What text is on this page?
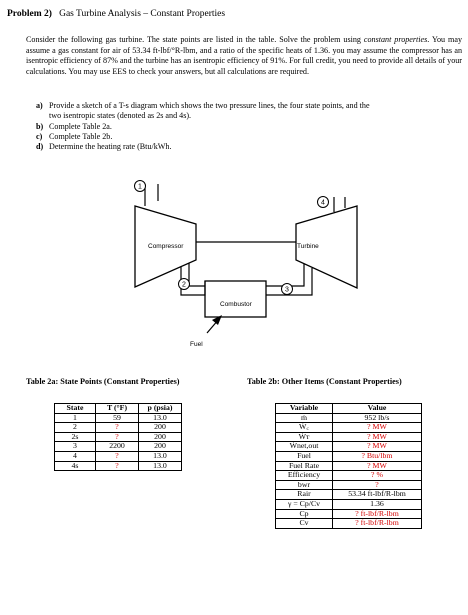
Problem 2) Gas Turbine Analysis – Constant Properties
Consider the following gas turbine. The state points are listed in the table. Solve the problem using constant properties. You may assume a gas constant for air of 53.34 ft-lbf/°R-lbm, and a ratio of the specific heats of 1.36. you may assume the compressor has an isentropic efficiency of 87% and the turbine has an isentropic efficiency of 91%. For full credit, you need to provide all details of your calculations. You may use EES to check your answers, but all calculations are required.
a) Provide a sketch of a T-s diagram which shows the two pressure lines, the four state points, and the
two isentropic states (denoted as 2s and 4s).
b) Complete Table 2a.
c) Complete Table 2b.
d) Determine the heating rate (Btu/kWh.
1
2
3
4
Compressor	Turbine
Combustor
Fuel
Table 2a: State Points (Constant Properties)	Table 2b: Other Items (Constant Properties)
State	T (°F)	p (psia)
1	59	13.0
2	?	200
2s	?	200
3	2200	200
4	?	13.0
4s	?	13.0
Variable	Value
ṁ	952 lb/s
Ẇ꜀	? MW
Ẇᴛ	? MW
Ẇnet,out	? MW
Fuel	? Btu/lbm
Fuel Rate	? MW
Efficiency	? %
bwr	?
Rair	53.34 ft-lbf/R-lbm
γ = Cp/Cv	1.36
Cp	? ft-lbf/R-lbm
Cv	? ft-lbf/R-lbm
